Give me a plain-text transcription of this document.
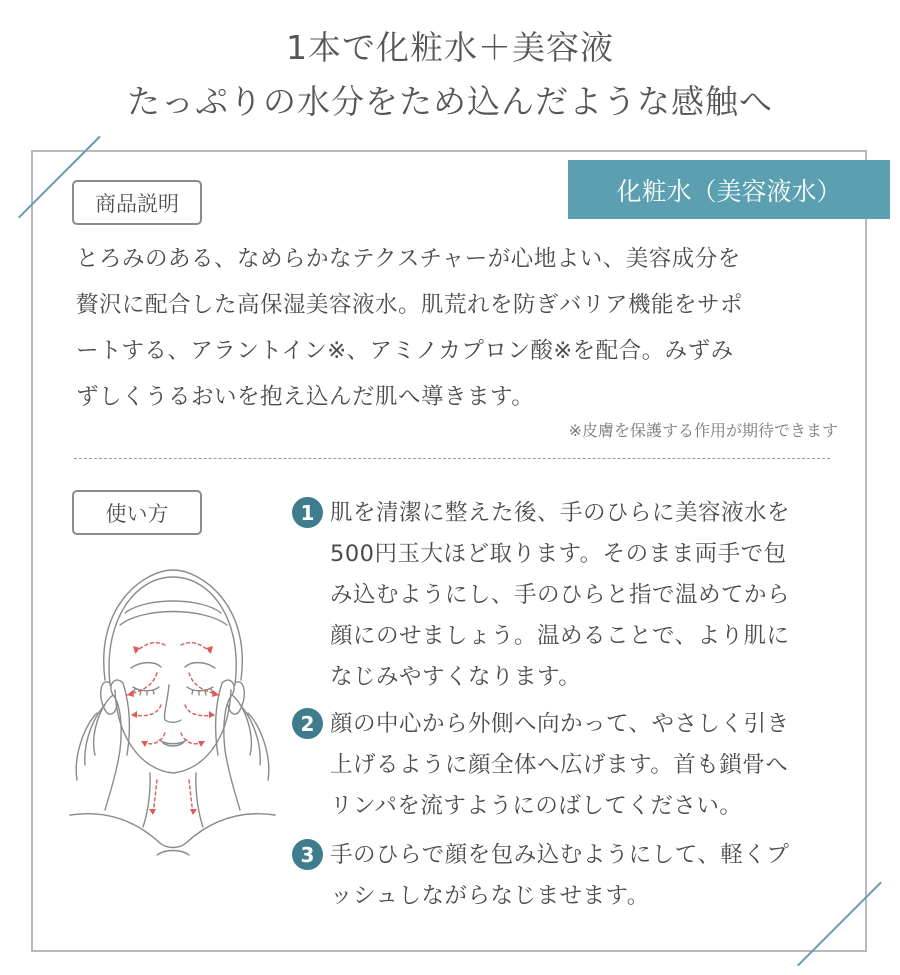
1本で化粧水＋美容液
たっぷりの水分をため込んだような感触へ
化粧水（美容液水）
商品説明
とろみのある、なめらかなテクスチャーが心地よい、美容成分を
贅沢に配合した高保湿美容液水。肌荒れを防ぎバリア機能をサポ
ートする、アラントイン※、アミノカプロン酸※を配合。みずみ
ずしくうるおいを抱え込んだ肌へ導きます。
※皮膚を保護する作用が期待できます
使い方	1 肌を清潔に整えた後、手のひらに美容液水を
500円玉大ほど取ります。そのまま両手で包
み込むようにし、手のひらと指で温めてから
顔にのせましょう。温めることで、より肌に
なじみやすくなります。
2 顔の中心から外側へ向かって、やさしく引き
上げるように顔全体へ広げます。首も鎖骨へ
リンパを流すようにのばしてください。
3 手のひらで顔を包み込むようにして、軽くプ
ッシュしながらなじませます。
